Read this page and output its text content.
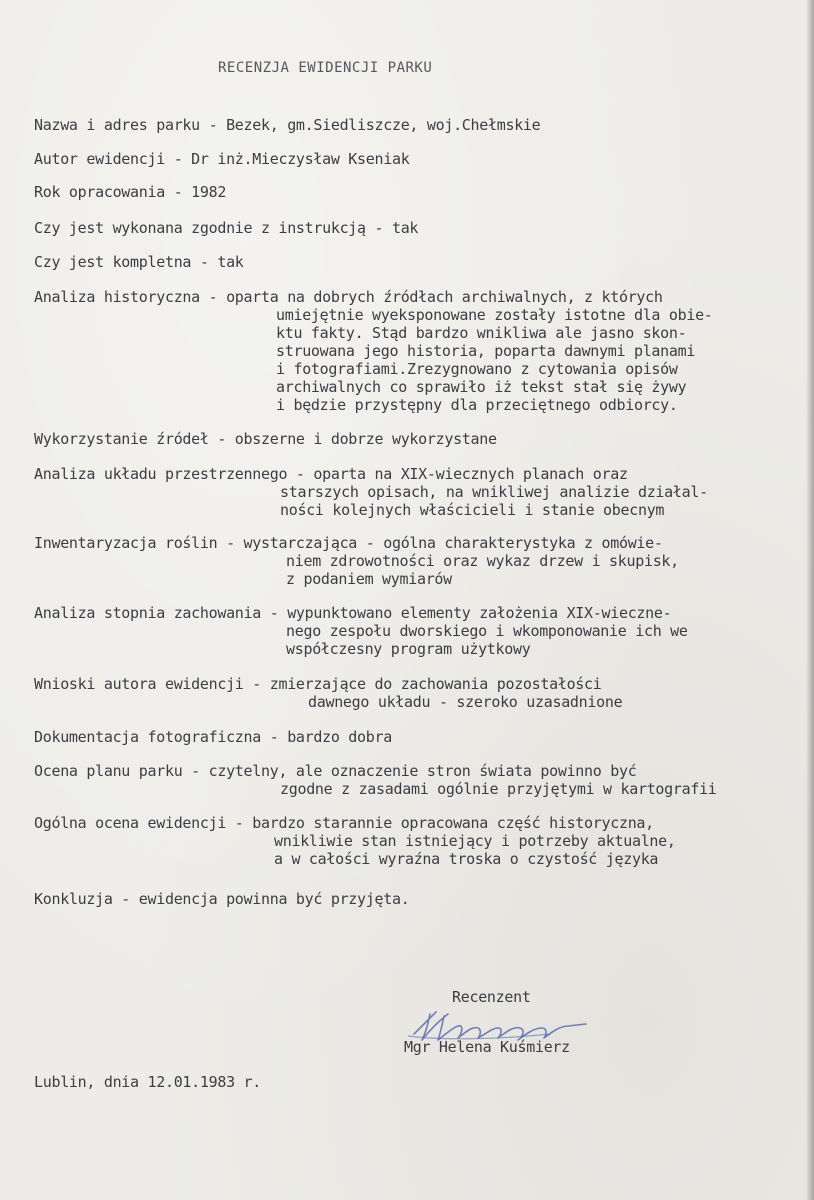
RECENZJA EWIDENCJI PARKU
Nazwa i adres parku - Bezek, gm.Siedliszcze, woj.Chełmskie
Autor ewidencji - Dr inż.Mieczysław Kseniak
Rok opracowania - 1982
Czy jest wykonana zgodnie z instrukcją - tak
Czy jest kompletna - tak
Analiza historyczna - oparta na dobrych źródłach archiwalnych, z których
umiejętnie wyeksponowane zostały istotne dla obie-
ktu fakty. Stąd bardzo wnikliwa ale jasno skon-
struowana jego historia, poparta dawnymi planami
i fotografiami.Zrezygnowano z cytowania opisów
archiwalnych co sprawiło iż tekst stał się żywy
i będzie przystępny dla przeciętnego odbiorcy.
Wykorzystanie źródeł - obszerne i dobrze wykorzystane
Analiza układu przestrzennego - oparta na XIX-wiecznych planach oraz
starszych opisach, na wnikliwej analizie działal-
ności kolejnych właścicieli i stanie obecnym
Inwentaryzacja roślin - wystarczająca - ogólna charakterystyka z omówie-
niem zdrowotności oraz wykaz drzew i skupisk,
z podaniem wymiarów
Analiza stopnia zachowania - wypunktowano elementy założenia XIX-wieczne-
nego zespołu dworskiego i wkomponowanie ich we
współczesny program użytkowy
Wnioski autora ewidencji - zmierzające do zachowania pozostałości
dawnego układu - szeroko uzasadnione
Dokumentacja fotograficzna - bardzo dobra
Ocena planu parku - czytelny, ale oznaczenie stron świata powinno być
zgodne z zasadami ogólnie przyjętymi w kartografii
Ogólna ocena ewidencji - bardzo starannie opracowana część historyczna,
wnikliwie stan istniejący i potrzeby aktualne,
a w całości wyraźna troska o czystość języka
Konkluzja - ewidencja powinna być przyjęta.
Recenzent
Mgr Helena Kuśmierz
Lublin, dnia 12.01.1983 r.
